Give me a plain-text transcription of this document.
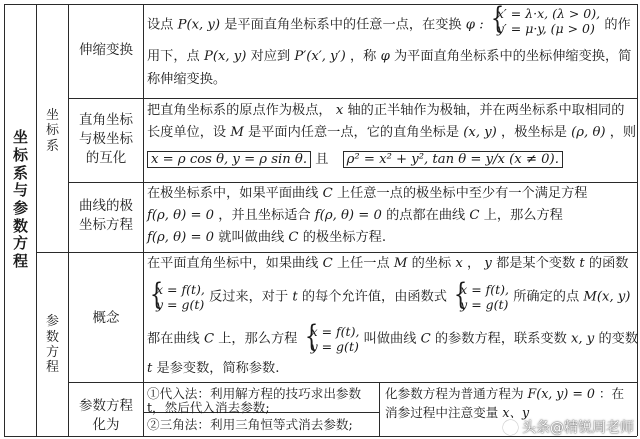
坐
标
系
与
参
数
方
程
坐
标
系
参
数
方
程
伸缩变换
直角坐标与极坐标的互化
曲线的极坐标方程
概念
参数方程
化为
设点 P(x, y) 是平面直角坐标系中的任意一点，在变换 φ : {
x′ = λ·x, (λ > 0),
y′ = μ·y, (μ > 0) 的作
用下，点 P(x, y) 对应到 P′(x′, y′) ，称 φ 为平面直角坐标系中的坐标伸缩变换，简
称伸缩变换。
把直角坐标系的原点作为极点， x 轴的正半轴作为极轴，并在两坐标系中取相同的
长度单位，设 M 是平面内任意一点，它的直角坐标是 (x, y) ，极坐标是 (ρ, θ) ，则
x = ρ cos θ, y = ρ sin θ. 且 ρ² = x² + y², tan θ = y/x (x ≠ 0).
在极坐标系中，如果平面曲线 C 上任意一点的极坐标中至少有一个满足方程
f(ρ, θ) = 0 ，并且坐标适合 f(ρ, θ) = 0 的点都在曲线 C 上，那么方程
f(ρ, θ) = 0 就叫做曲线 C 的极坐标方程.
在平面直角坐标中，如果曲线 C 上任一点 M 的坐标 x ， y 都是某个变数 t 的函数
{
x = f(t),
y = g(t) 反过来，对于 t 的每个允许值，由函数式 {
x = f(t),
y = g(t) 所确定的点 M(x, y)
都在曲线 C 上，那么方程 {
x = f(t),
y = g(t) 叫做曲线 C 的参数方程，联系变数 x, y 的变数
t 是参变数，简称参数.
①代入法：利用解方程的技巧求出参数
t，然后代入消去参数;
②三角法：利用三角恒等式消去参数;
化参数方程为普通方程为 F(x, y) = 0 ：在
消参过程中注意变量 x、y
头条@精锐周老师
